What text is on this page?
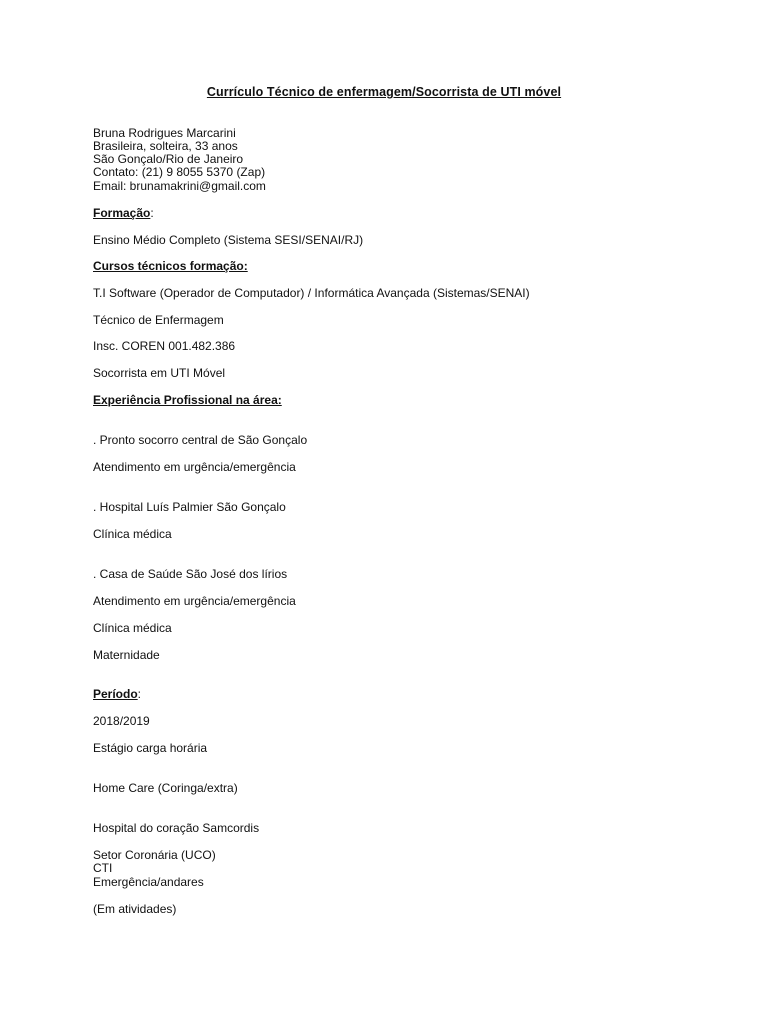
Currículo Técnico de enfermagem/Socorrista de UTI móvel
Bruna Rodrigues Marcarini
Brasileira, solteira, 33 anos
São Gonçalo/Rio de Janeiro
Contato: (21) 9 8055 5370 (Zap)
Email: brunamakrini@gmail.com
Formação:
Ensino Médio Completo (Sistema SESI/SENAI/RJ)
Cursos técnicos formação:
T.I Software (Operador de Computador) / Informática Avançada (Sistemas/SENAI)
Técnico de Enfermagem
Insc. COREN 001.482.386
Socorrista em UTI Móvel
Experiência Profissional na área:
. Pronto socorro central de São Gonçalo
Atendimento em urgência/emergência
. Hospital Luís Palmier São Gonçalo
Clínica médica
. Casa de Saúde São José dos lírios
Atendimento em urgência/emergência
Clínica médica
Maternidade
Período:
2018/2019
Estágio carga horária
Home Care (Coringa/extra)
Hospital do coração Samcordis
Setor Coronária (UCO)
CTI
Emergência/andares
(Em atividades)
